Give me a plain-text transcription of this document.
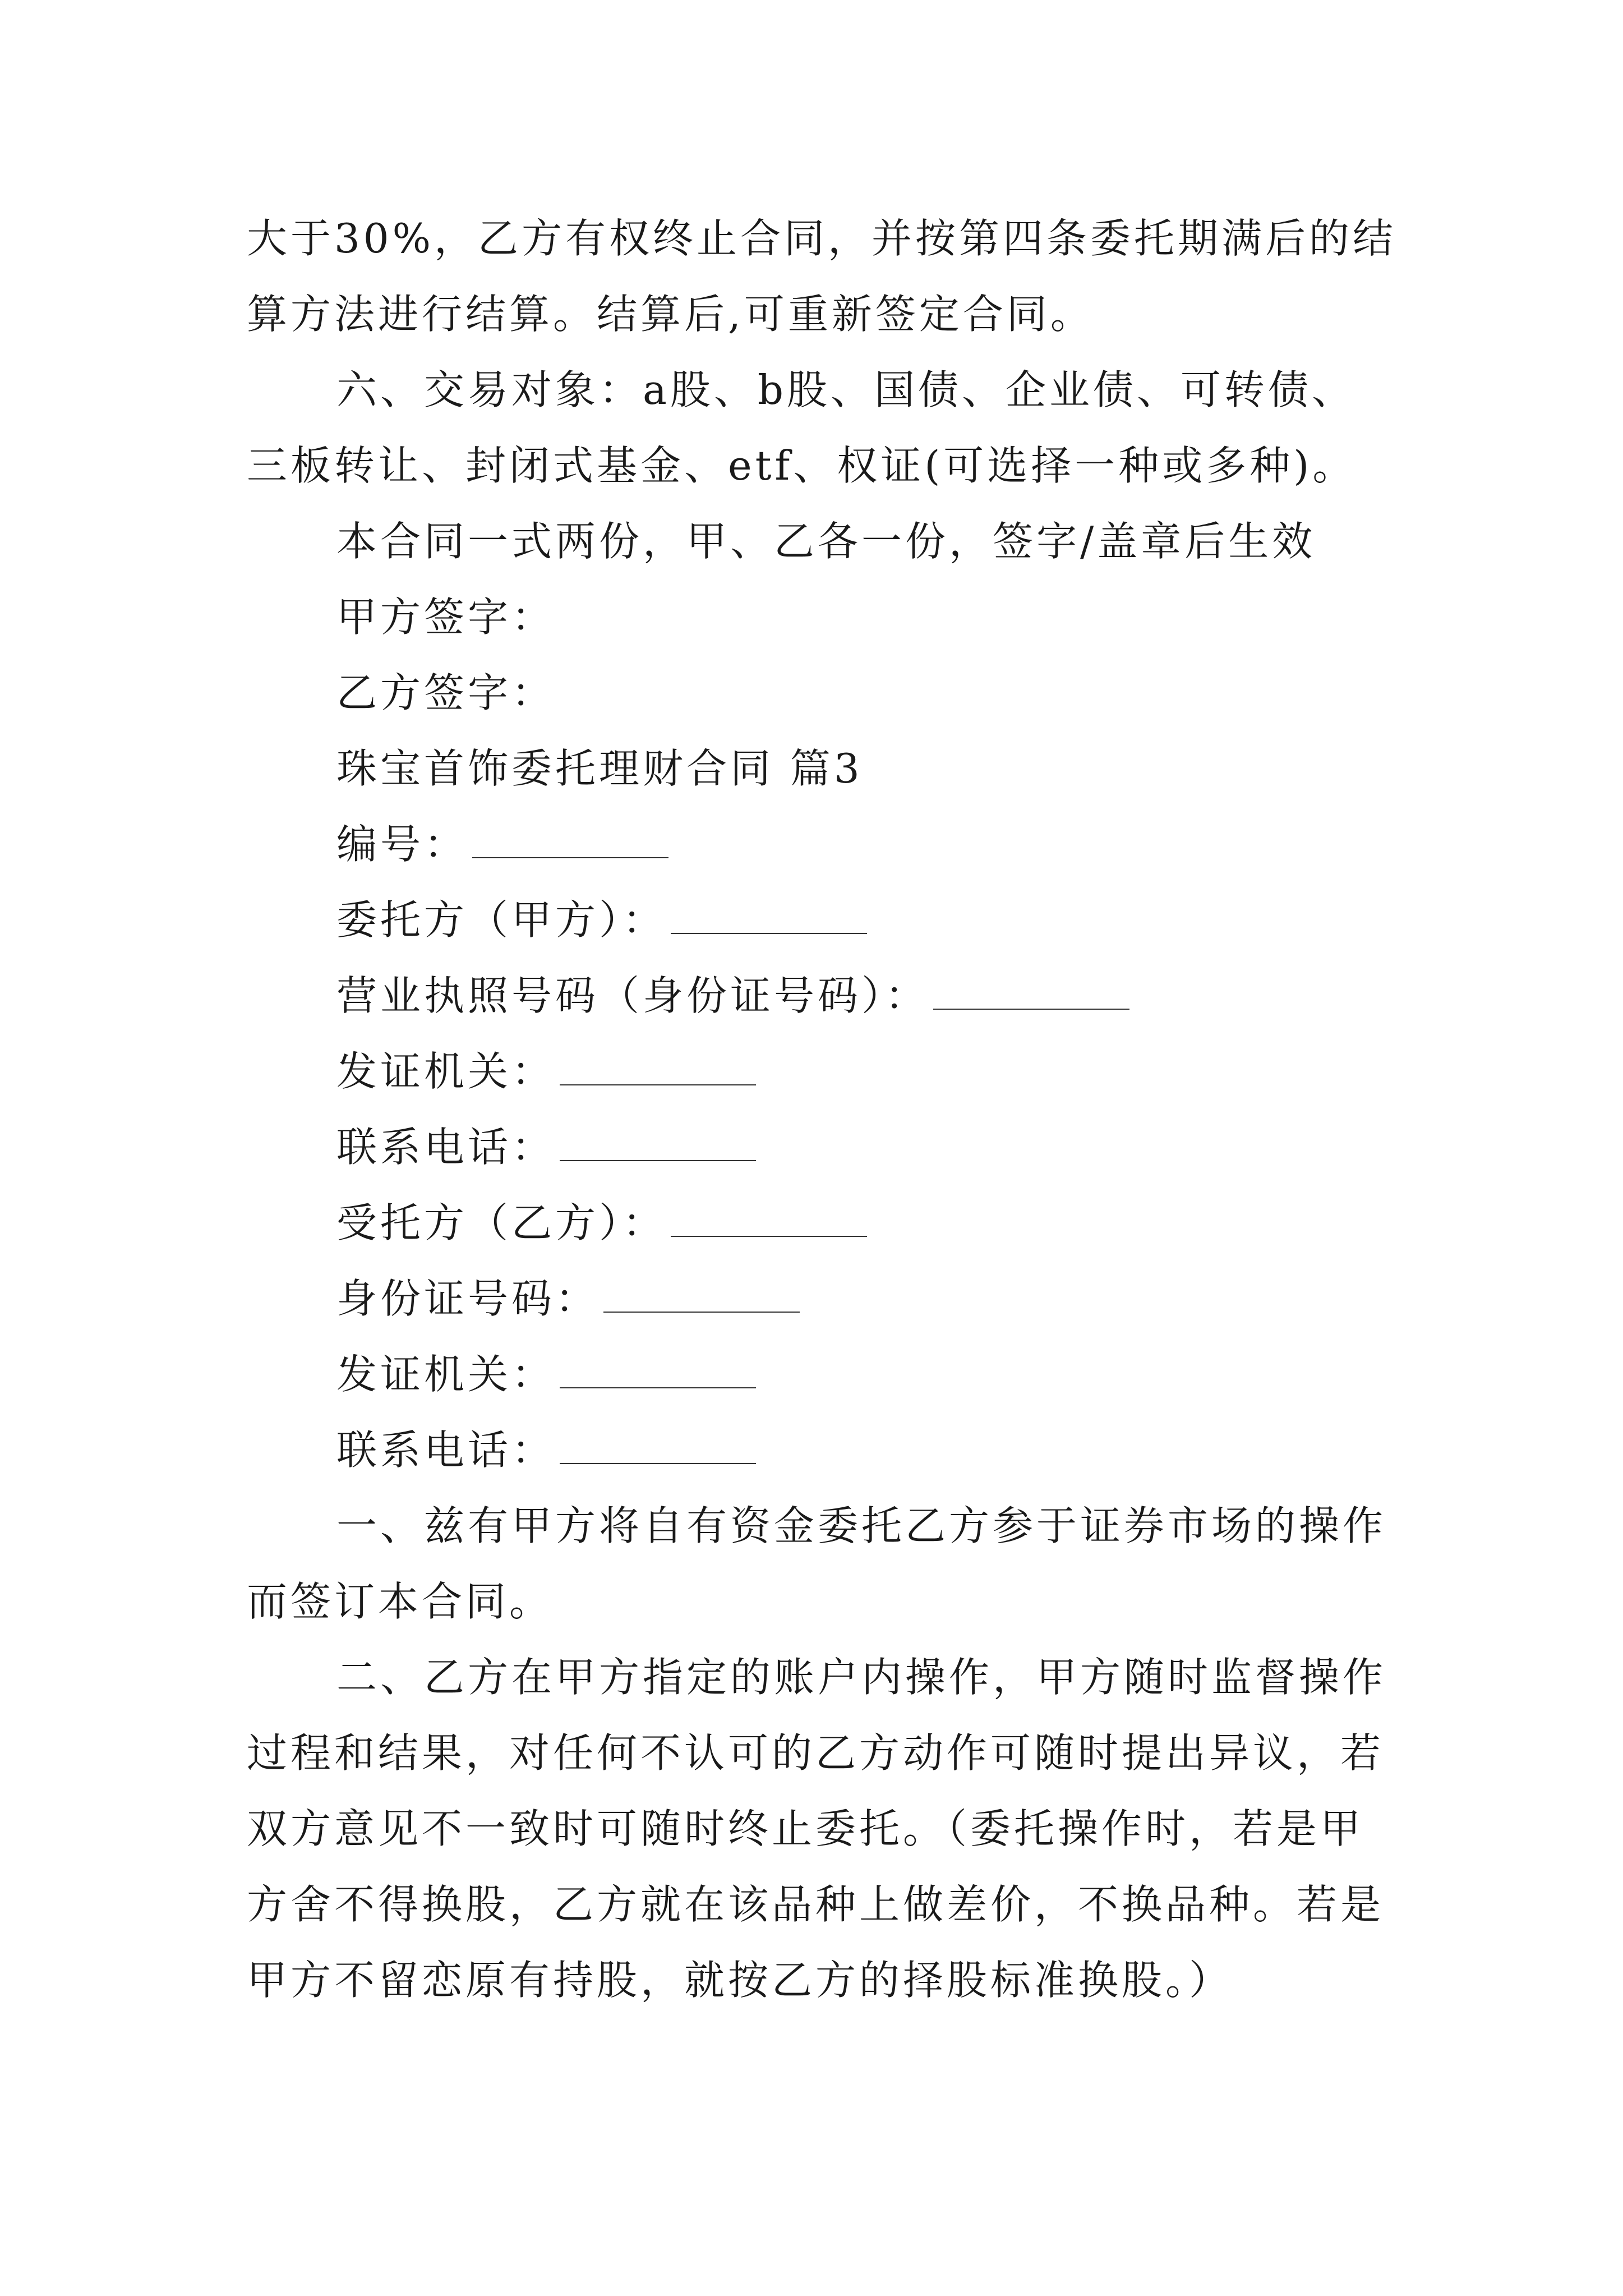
大于30%，乙方有权终止合同，并按第四条委托期满后的结
算方法进行结算。结算后,可重新签定合同。
六、交易对象：a股、b股、国债、企业债、可转债、
三板转让、封闭式基金、etf、权证(可选择一种或多种)。
本合同一式两份，甲、乙各一份，签字/盖章后生效
甲方签字：
乙方签字：
珠宝首饰委托理财合同 篇3
编号：
委托方（甲方）：
营业执照号码（身份证号码）：
发证机关：
联系电话：
受托方（乙方）：
身份证号码：
发证机关：
联系电话：
一、兹有甲方将自有资金委托乙方参于证券市场的操作
而签订本合同。
二、乙方在甲方指定的账户内操作，甲方随时监督操作
过程和结果，对任何不认可的乙方动作可随时提出异议，若
双方意见不一致时可随时终止委托。（委托操作时，若是甲
方舍不得换股，乙方就在该品种上做差价，不换品种。若是
甲方不留恋原有持股，就按乙方的择股标准换股。）
